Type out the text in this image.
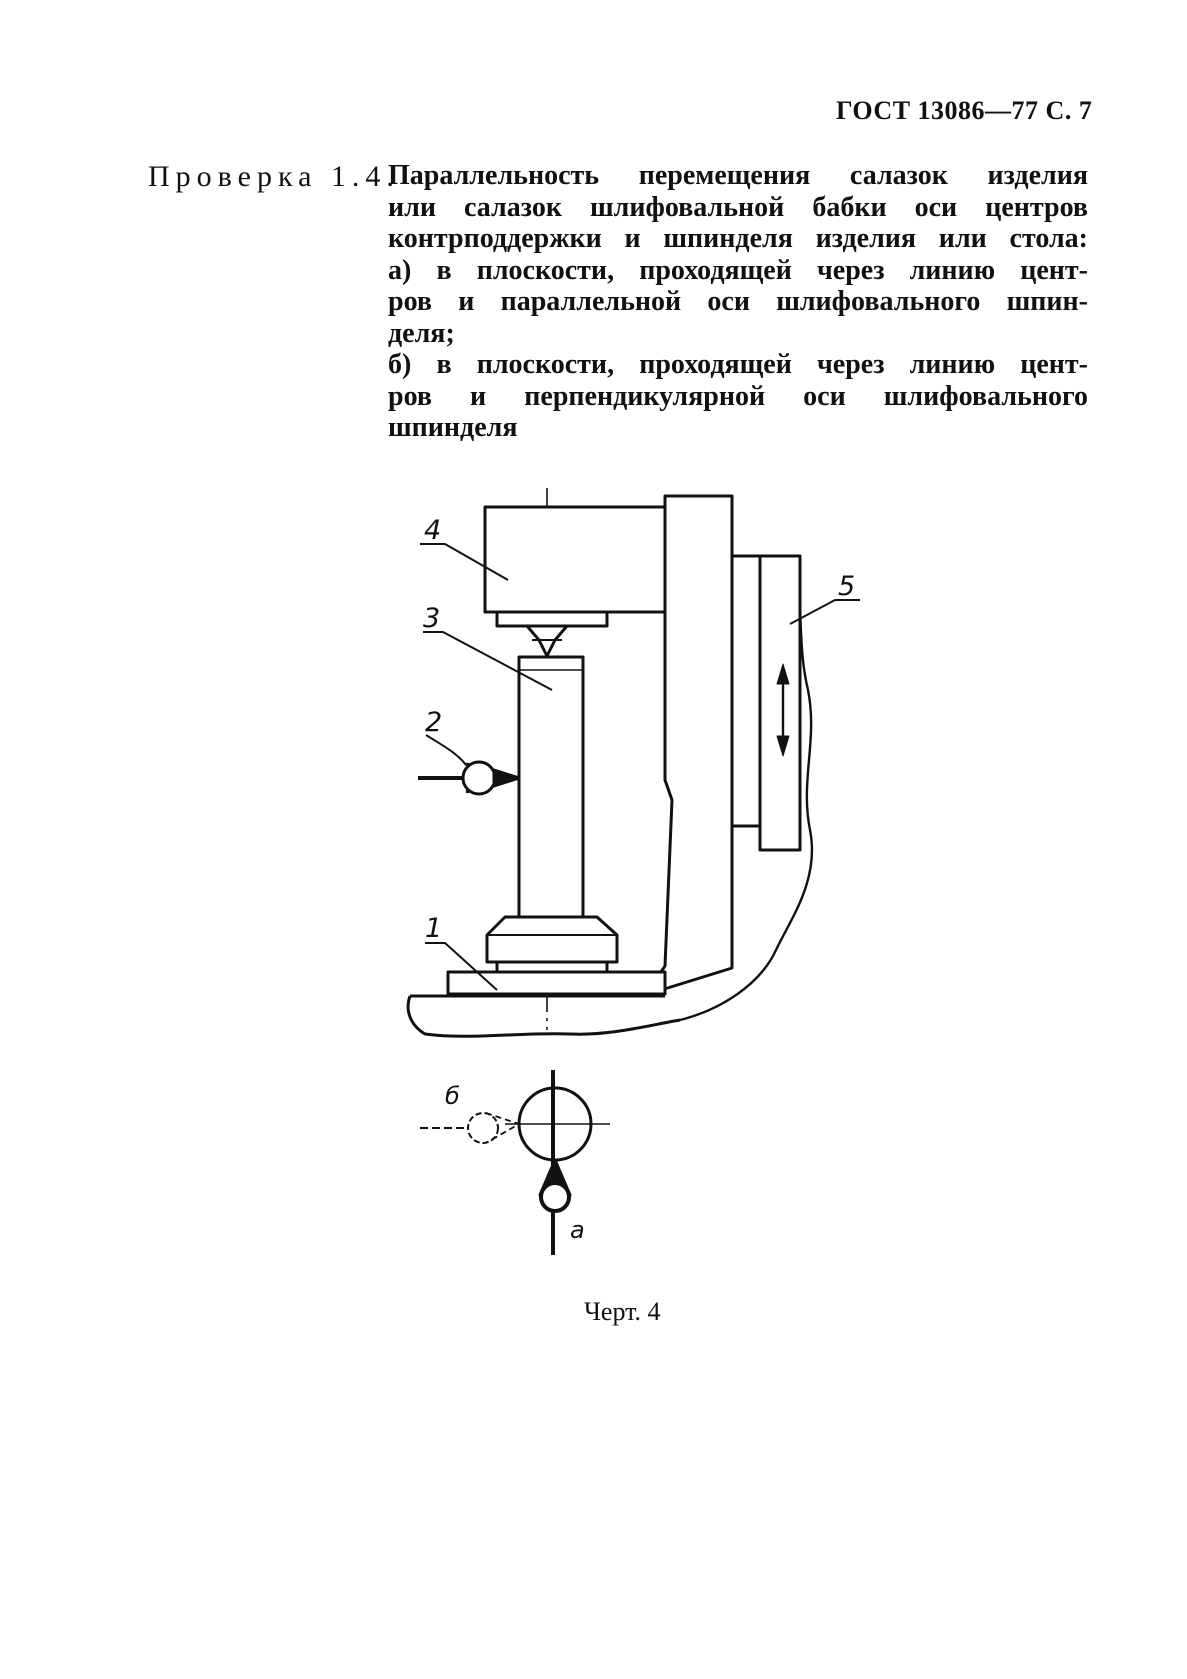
ГОСТ 13086—77 С. 7
Проверка 1.4.
Параллельность перемещения салазок изделия
или салазок шлифовальной бабки оси центров
контрподдержки и шпинделя изделия или стола:
а) в плоскости, проходящей через линию цент-
ров и параллельной оси шлифовального шпин-
деля;
б) в плоскости, проходящей через линию цент-
ров и перпендикулярной оси шлифовального
шпинделя
1
2
3
4
5
б
а
Черт. 4
